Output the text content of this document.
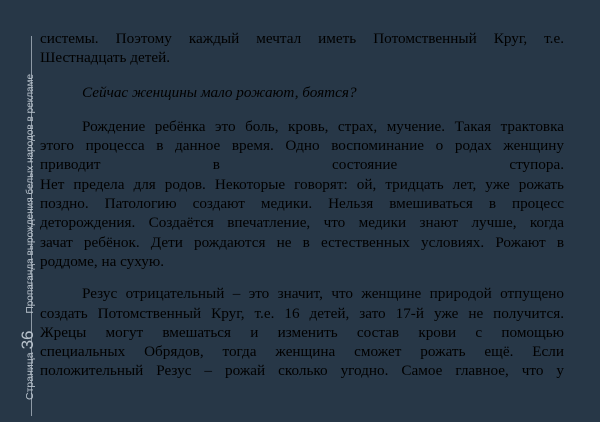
Страница
36
Пропаганда вырождения белых народов в рекламе

системы. Поэтому каждый мечтал иметь Потомственный Круг, т.е.
Шестнадцать детей.

Сейчас женщины мало рожают, боятся?

Рождение ребёнка это боль, кровь, страх, мучение. Такая трактовка
этого процесса в данное время. Одно воспоминание о родах женщину
приводит в состояние ступора.
Нет предела для родов. Некоторые говорят: ой, тридцать лет, уже рожать
поздно. Патологию создают медики. Нельзя вмешиваться в процесс
деторождения. Создаётся впечатление, что медики знают лучше, когда
зачат ребёнок. Дети рождаются не в естественных условиях. Рожают в
роддоме, на сухую.

Резус отрицательный – это значит, что женщине природой отпущено
создать Потомственный Круг, т.е. 16 детей, зато 17-й уже не получится.
Жрецы могут вмешаться и изменить состав крови с помощью
специальных Обрядов, тогда женщина сможет рожать ещё. Если
положительный Резус – рожай сколько угодно. Самое главное, что у
